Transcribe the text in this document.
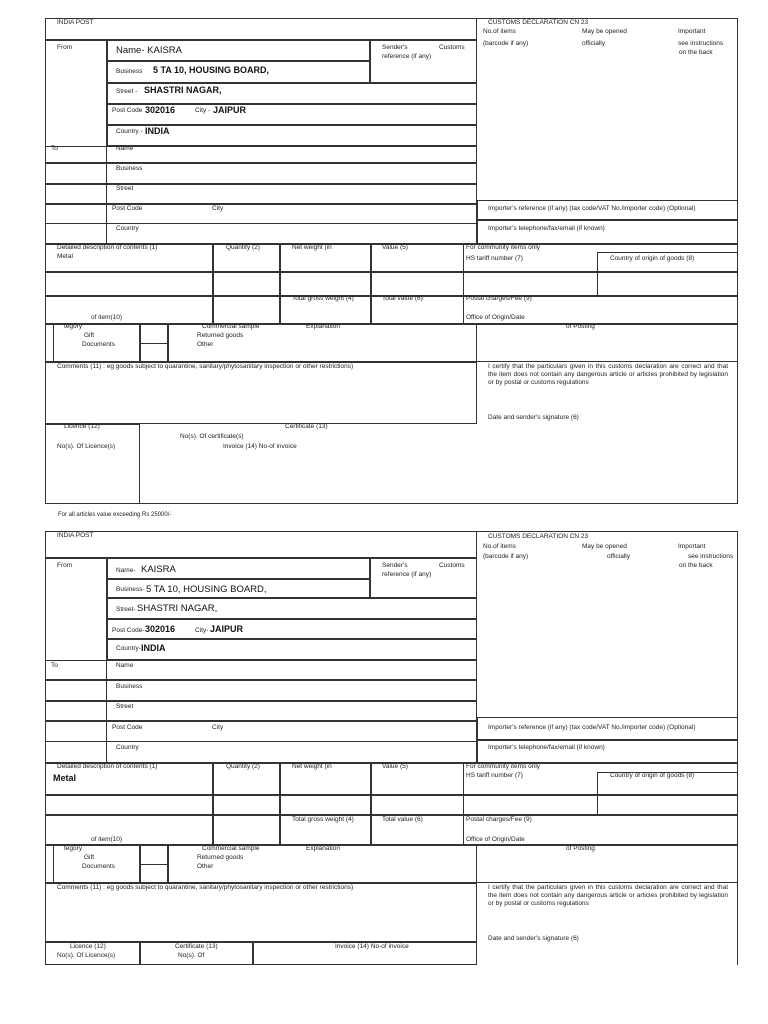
INDIA POST	CUSTOMS DECLARATION CN 23
No.of items
(barcode if any)
May be opened
officially
Important
see instructions
on the back
From	Name- KAISRA	Sender's	Customs
reference (if any)
Business 5 TA 10, HOUSING BOARD,
Street - SHASTRI NAGAR,
Post Code 302016	City - JAIPUR
Country - INDIA
To	Name
Business
Street
Post Code	City
Country
Importer's reference (if any) (tax code/VAT No./importer code) (Optional)
Importer's telephone/fax/email (if known)
Detailed description of contents (1)	Quantity (2)	Net weight (in	Value (5)	For community items only
Metal	HS tariff number (7)	Country of origin of goods (8)
Total gross weight (4)	Total value (6)	Postal charges/Fee (9)
of item(10)	Office of Origin/Date
tegory
Gift
Documents
Commercial sample
Returned goods
Other
Explanation	of Posting
Comments (11) : eg goods subject to quarantine, sanitary/phytosanitary inspection or other restrictions)	I certify that the particulars given in this customs declaration are correct and that the item does not contain any dangerous article or articles prohibited by legislation or by postal or customs regulations
Date and sender's signature (6)
Licence (12)
No(s). Of Licence(s)
Certificate (13)
No(s). Of certificate(s)
Invoice (14) No-of invoice
For all articles value exceeding Rs 25000/-
INDIA POST	CUSTOMS DECLARATION CN 23
No.of items
(barcode if any)
May be opened
officially
Important
see instructions
on the back
From
Name- KAISRA	Sender's	Customs
reference (if any)
Business- 5 TA 10, HOUSING BOARD,
Street- SHASTRI NAGAR,
Post Code- 302016	City- JAIPUR
Country- INDIA
To	Name
Business
Street
Post Code	City
Country
Importer's reference (if any) (tax code/VAT No./importer code) (Optional)
Importer's telephone/fax/email (if known)
Detailed description of contents (1)	Quantity (2)	Net weight (in	Value (5)	For community items only
Metal	HS tariff number (7)	Country of origin of goods (8)
Total gross weight (4)	Total value (6)	Postal charges/Fee (9)
of item(10)	Office of Origin/Date
tegory
Gift
Documents
Commercial sample
Returned goods
Other
Explanation	of Posting
Comments (11) : eg goods subject to quarantine, sanitary/phytosanitary inspection or other restrictions)	I certify that the particulars given in this customs declaration are correct and that the item does not contain any dangerous article or articles prohibited by legislation or by postal or customs regulations
Date and sender's signature (6)
Licence (12)
No(s). Of Licence(s)
Certificate (13)
No(s). Of
Invoice (14) No-of invoice
